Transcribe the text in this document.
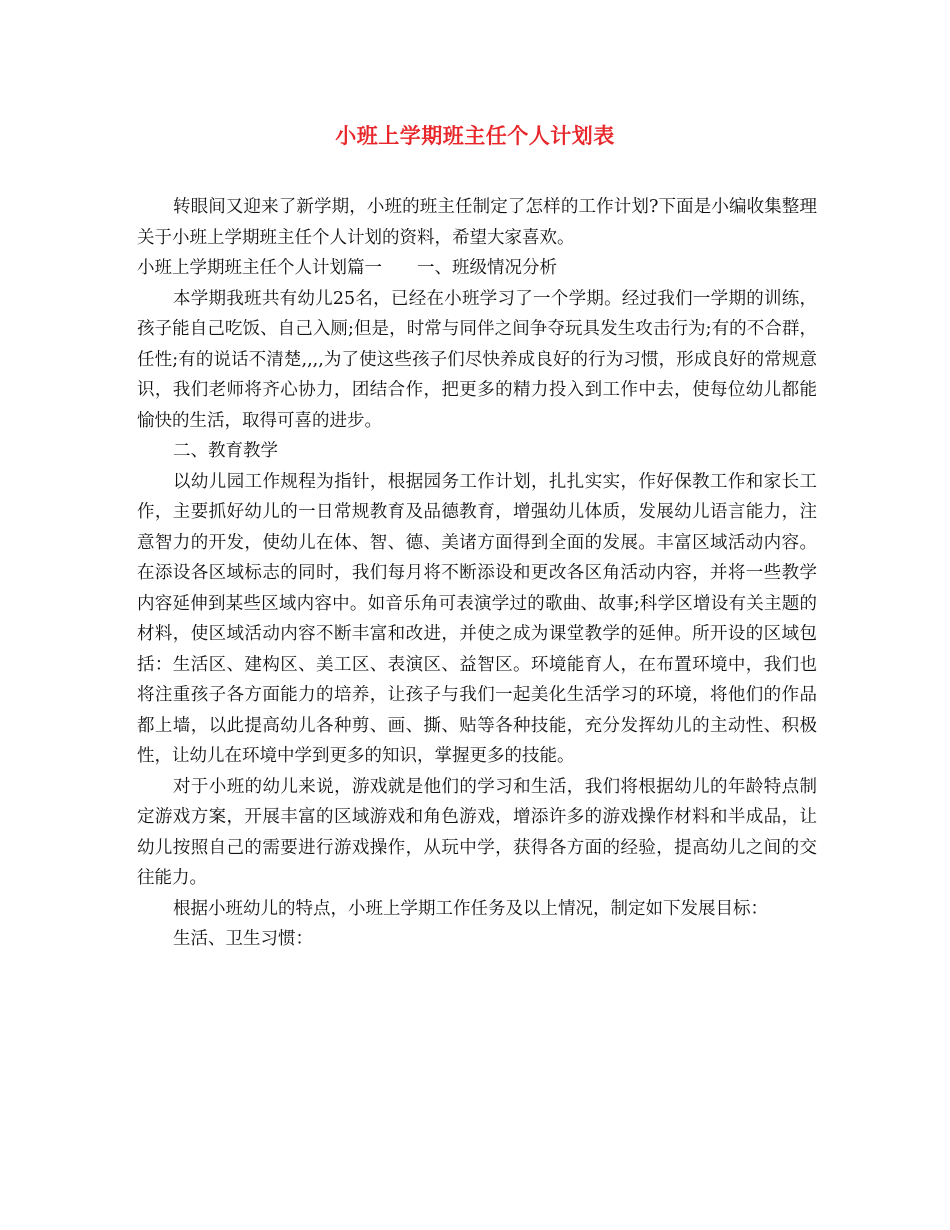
小班上学期班主任个人计划表

转眼间又迎来了新学期，小班的班主任制定了怎样的工作计划?下面是小编收集整理关于小班上学期班主任个人计划的资料，希望大家喜欢。

小班上学期班主任个人计划篇一　　一、班级情况分析

本学期我班共有幼儿25名，已经在小班学习了一个学期。经过我们一学期的训练，孩子能自己吃饭、自己入厕;但是，时常与同伴之间争夺玩具发生攻击行为;有的不合群，任性;有的说话不清楚,,,,为了使这些孩子们尽快养成良好的行为习惯，形成良好的常规意识，我们老师将齐心协力，团结合作，把更多的精力投入到工作中去，使每位幼儿都能愉快的生活，取得可喜的进步。

二、教育教学

以幼儿园工作规程为指针，根据园务工作计划，扎扎实实，作好保教工作和家长工作，主要抓好幼儿的一日常规教育及品德教育，增强幼儿体质，发展幼儿语言能力，注意智力的开发，使幼儿在体、智、德、美诸方面得到全面的发展。丰富区域活动内容。在添设各区域标志的同时，我们每月将不断添设和更改各区角活动内容，并将一些教学内容延伸到某些区域内容中。如音乐角可表演学过的歌曲、故事;科学区增设有关主题的材料，使区域活动内容不断丰富和改进，并使之成为课堂教学的延伸。所开设的区域包括：生活区、建构区、美工区、表演区、益智区。环境能育人，在布置环境中，我们也将注重孩子各方面能力的培养，让孩子与我们一起美化生活学习的环境，将他们的作品都上墙，以此提高幼儿各种剪、画、撕、贴等各种技能，充分发挥幼儿的主动性、积极性，让幼儿在环境中学到更多的知识，掌握更多的技能。

对于小班的幼儿来说，游戏就是他们的学习和生活，我们将根据幼儿的年龄特点制定游戏方案，开展丰富的区域游戏和角色游戏，增添许多的游戏操作材料和半成品，让幼儿按照自己的需要进行游戏操作，从玩中学，获得各方面的经验，提高幼儿之间的交往能力。

根据小班幼儿的特点，小班上学期工作任务及以上情况，制定如下发展目标：

生活、卫生习惯：
